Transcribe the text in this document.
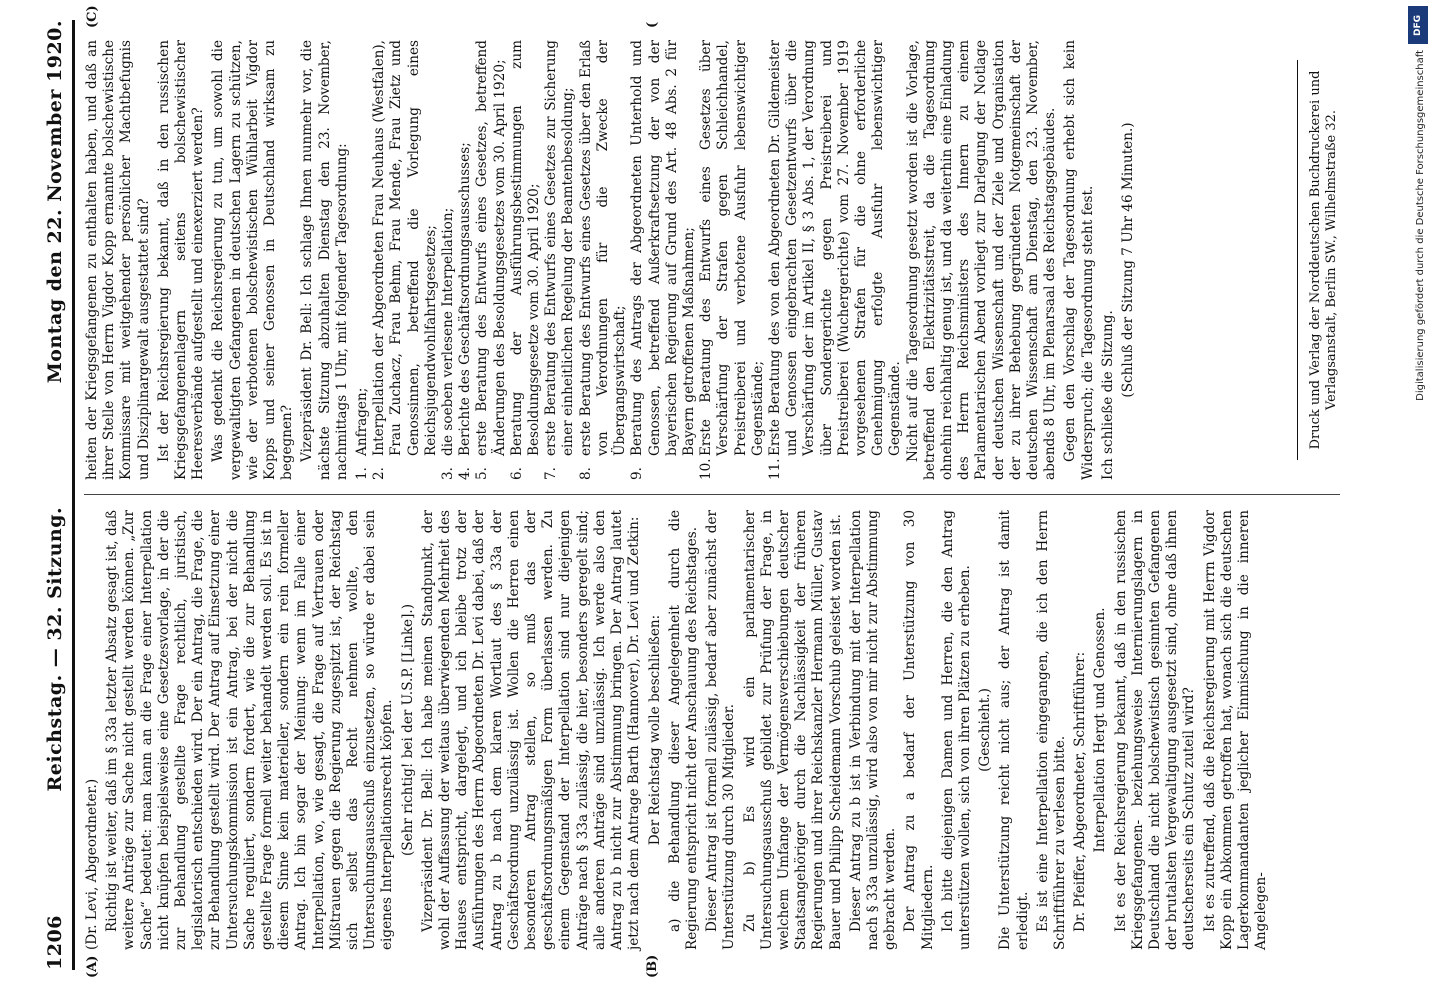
1206
Reichstag. — 32. Sitzung.
Montag den 22. November 1920.
(A)	(B)
(Dr. Levi, Abgeordneter.) Richtig ist weiter, daß im § 33a letzter Absatz gesagt ist, daß weitere Anträge zur Sache nicht gestellt werden können. „Zur Sache“ bedeutet: man kann an die Frage einer Interpellation nicht knüpfen beispielsweise eine Gesetzesvorlage, in der die zur Behandlung gestellte Frage rechtlich, juristisch, legislatorisch entschieden wird. Der ein Antrag, die Frage, die zur Behandlung gestellt wird. Der Antrag auf Einsetzung einer Untersuchungskommission ist ein Antrag, bei der nicht die Sache reguliert, sondern fordert, wie die zur Behandlung gestellte Frage formell weiter behandelt werden soll. Es ist in diesem Sinne kein materieller, sondern ein rein formeller Antrag. Ich bin sogar der Meinung: wenn im Falle einer Interpellation, wo, wie gesagt, die Frage auf Vertrauen oder Mißtrauen gegen die Regierung zugespitzt ist, der Reichstag sich selbst das Recht nehmen wollte, den Untersuchungsausschuß einzusetzen, so würde er dabei sein eigenes Interpellationsrecht köpfen. (Sehr richtig! bei der U.S.P. [Linke].) Vizepräsident Dr. Bell: Ich habe meinen Standpunkt, der wohl der Auffassung der weitaus überwiegenden Mehrheit des Hauses entspricht, dargelegt, und ich bleibe trotz der Ausführungen des Herrn Abgeordneten Dr. Levi dabei, daß der Antrag zu b nach dem klaren Wortlaut des § 33a der Geschäftsordnung unzulässig ist. Wollen die Herren einen besonderen Antrag stellen, so muß das der geschäftsordnungsmäßigen Form überlassen werden. Zu einem Gegenstand der Interpellation sind nur diejenigen Anträge nach § 33a zulässig, die hier, besonders geregelt sind; alle anderen Anträge sind unzulässig. Ich werde also den Antrag zu b nicht zur Abstimmung bringen. Der Antrag lautet jetzt nach dem Antrage Barth (Hannover), Dr. Levi und Zetkin: Der Reichstag wolle beschließen: a) die Behandlung dieser Angelegenheit durch die Regierung entspricht nicht der Anschauung des Reichstages. Dieser Antrag ist formell zulässig, bedarf aber zunächst der Unterstützung durch 30 Mitglieder. Zu b) Es wird ein parlamentarischer Untersuchungsausschuß gebildet zur Prüfung der Frage, in welchem Umfange der Vermögensverschiebungen deutscher Staatsangehöriger durch die Nachlässigkeit der früheren Regierungen und ihrer Reichskanzler Hermann Müller, Gustav Bauer und Philipp Scheidemann Vorschub geleistet worden ist. Dieser Antrag zu b ist in Verbindung mit der Interpellation nach § 33a unzulässig, wird also von mir nicht zur Abstimmung gebracht werden. Der Antrag zu a bedarf der Unterstützung von 30 Mitgliedern. Ich bitte diejenigen Damen und Herren, die den Antrag unterstützen wollen, sich von ihren Plätzen zu erheben. (Geschieht.) Die Unterstützung reicht nicht aus; der Antrag ist damit erledigt. Es ist eine Interpellation eingegangen, die ich den Herrn Schriftführer zu verlesen bitte. Dr. Pfeiffer, Abgeordneter, Schriftführer: Interpellation Hergt und Genossen. Ist es der Reichsregierung bekannt, daß in den russischen Kriegsgefangenen- beziehungsweise Internierungslagern in Deutschland die nicht bolschewistisch gesinnten Gefangenen der brutalsten Vergewaltigung ausgesetzt sind, ohne daß ihnen deutscherseits ein Schutz zuteil wird? Ist es zutreffend, daß die Reichsregierung mit Herrn Vigdor Kopp ein Abkommen getroffen hat, wonach sich die deutschen Lagerkommandanten jeglicher Einmischung in die inneren Angelegen-
(C)	(
heiten der Kriegsgefangenen zu enthalten haben, und daß an ihrer Stelle von Herrn Vigdor Kopp ernannte bolschewistische Kommissare mit weitgehender persönlicher Machtbefugnis und Disziplinargewalt ausgestattet sind? Ist der Reichsregierung bekannt, daß in den russischen Kriegsgefangenenlagern seitens bolschewistischer Heeresverbände aufgestellt und einexerziert werden? Was gedenkt die Reichsregierung zu tun, um sowohl die vergewaltigten Gefangenen in deutschen Lagern zu schützen, wie der verbotenen bolschewistischen Wühlarbeit Vigdor Kopps und seiner Genossen in Deutschland wirksam zu begegnen? Vizepräsident Dr. Bell: Ich schlage Ihnen nunmehr vor, die nächste Sitzung abzuhalten Dienstag den 23. November, nachmittags 1 Uhr, mit folgender Tagesordnung: 1.
Anfragen;
2.
Interpellation der Abgeordneten Frau Neuhaus (Westfalen), Frau Zuchacz, Frau Behm, Frau Mende, Frau Zietz und Genossinnen, betreffend die Vorlegung eines Reichsjugendwohlfahrtsgesetzes;
3.
die soeben verlesene Interpellation;
4.
Berichte des Geschäftsordnungsausschusses;
5.
erste Beratung des Entwurfs eines Gesetzes, betreffend Änderungen des Besoldungsgesetzes vom 30. April 1920;
6.
Beratung der Ausführungsbestimmungen zum Besoldungsgesetze vom 30. April 1920;
7.
erste Beratung des Entwurfs eines Gesetzes zur Sicherung einer einheitlichen Regelung der Beamtenbesoldung;
8.
erste Beratung des Entwurfs eines Gesetzes über den Erlaß von Verordnungen für die Zwecke der Übergangswirtschaft;
9.
Beratung des Antrags der Abgeordneten Unterhold und Genossen, betreffend Außerkraftsetzung der von der bayerischen Regierung auf Grund des Art. 48 Abs. 2 für Bayern getroffenen Maßnahmen;
10.
Erste Beratung des Entwurfs eines Gesetzes über Verschärfung der Strafen gegen Schleichhandel, Preistreiberei und verbotene Ausfuhr lebenswichtiger Gegenstände;
11.
Erste Beratung des von den Abgeordneten Dr. Gildemeister und Genossen eingebrachten Gesetzentwurfs über die Verschärfung der im Artikel II, § 3 Abs. 1, der Verordnung über Sondergerichte gegen Preistreiberei und Preistreiberei (Wuchergerichte) vom 27. November 1919 vorgesehenen Strafen für die ohne erforderliche Genehmigung erfolgte Ausfuhr lebenswichtiger Gegenstände. Nicht auf die Tagesordnung gesetzt worden ist die Vorlage, betreffend den Elektrizitätsstreit, da die Tagesordnung ohnehin reichhaltig genug ist, und da weiterhin eine Einladung des Herrn Reichsministers des Innern zu einem Parlamentarischen Abend vorliegt zur Darlegung der Notlage der deutschen Wissenschaft und der Ziele und Organisation der zu ihrer Behebung gegründeten Notgemeinschaft der deutschen Wissenschaft am Dienstag, den 23. November, abends 8 Uhr, im Plenarsaal des Reichstagsgebäudes. Gegen den Vorschlag der Tagesordnung erhebt sich kein Widerspruch; die Tagesordnung steht fest. Ich schließe die Sitzung. (Schluß der Sitzung 7 Uhr 46 Minuten.)	Druck und Verlag der Norddeutschen Buchdruckerei und Verlagsanstalt, Berlin SW., Wilhelmstraße 32.
DFG
Digitalisierung gefördert durch die Deutsche Forschungsgemeinschaft
